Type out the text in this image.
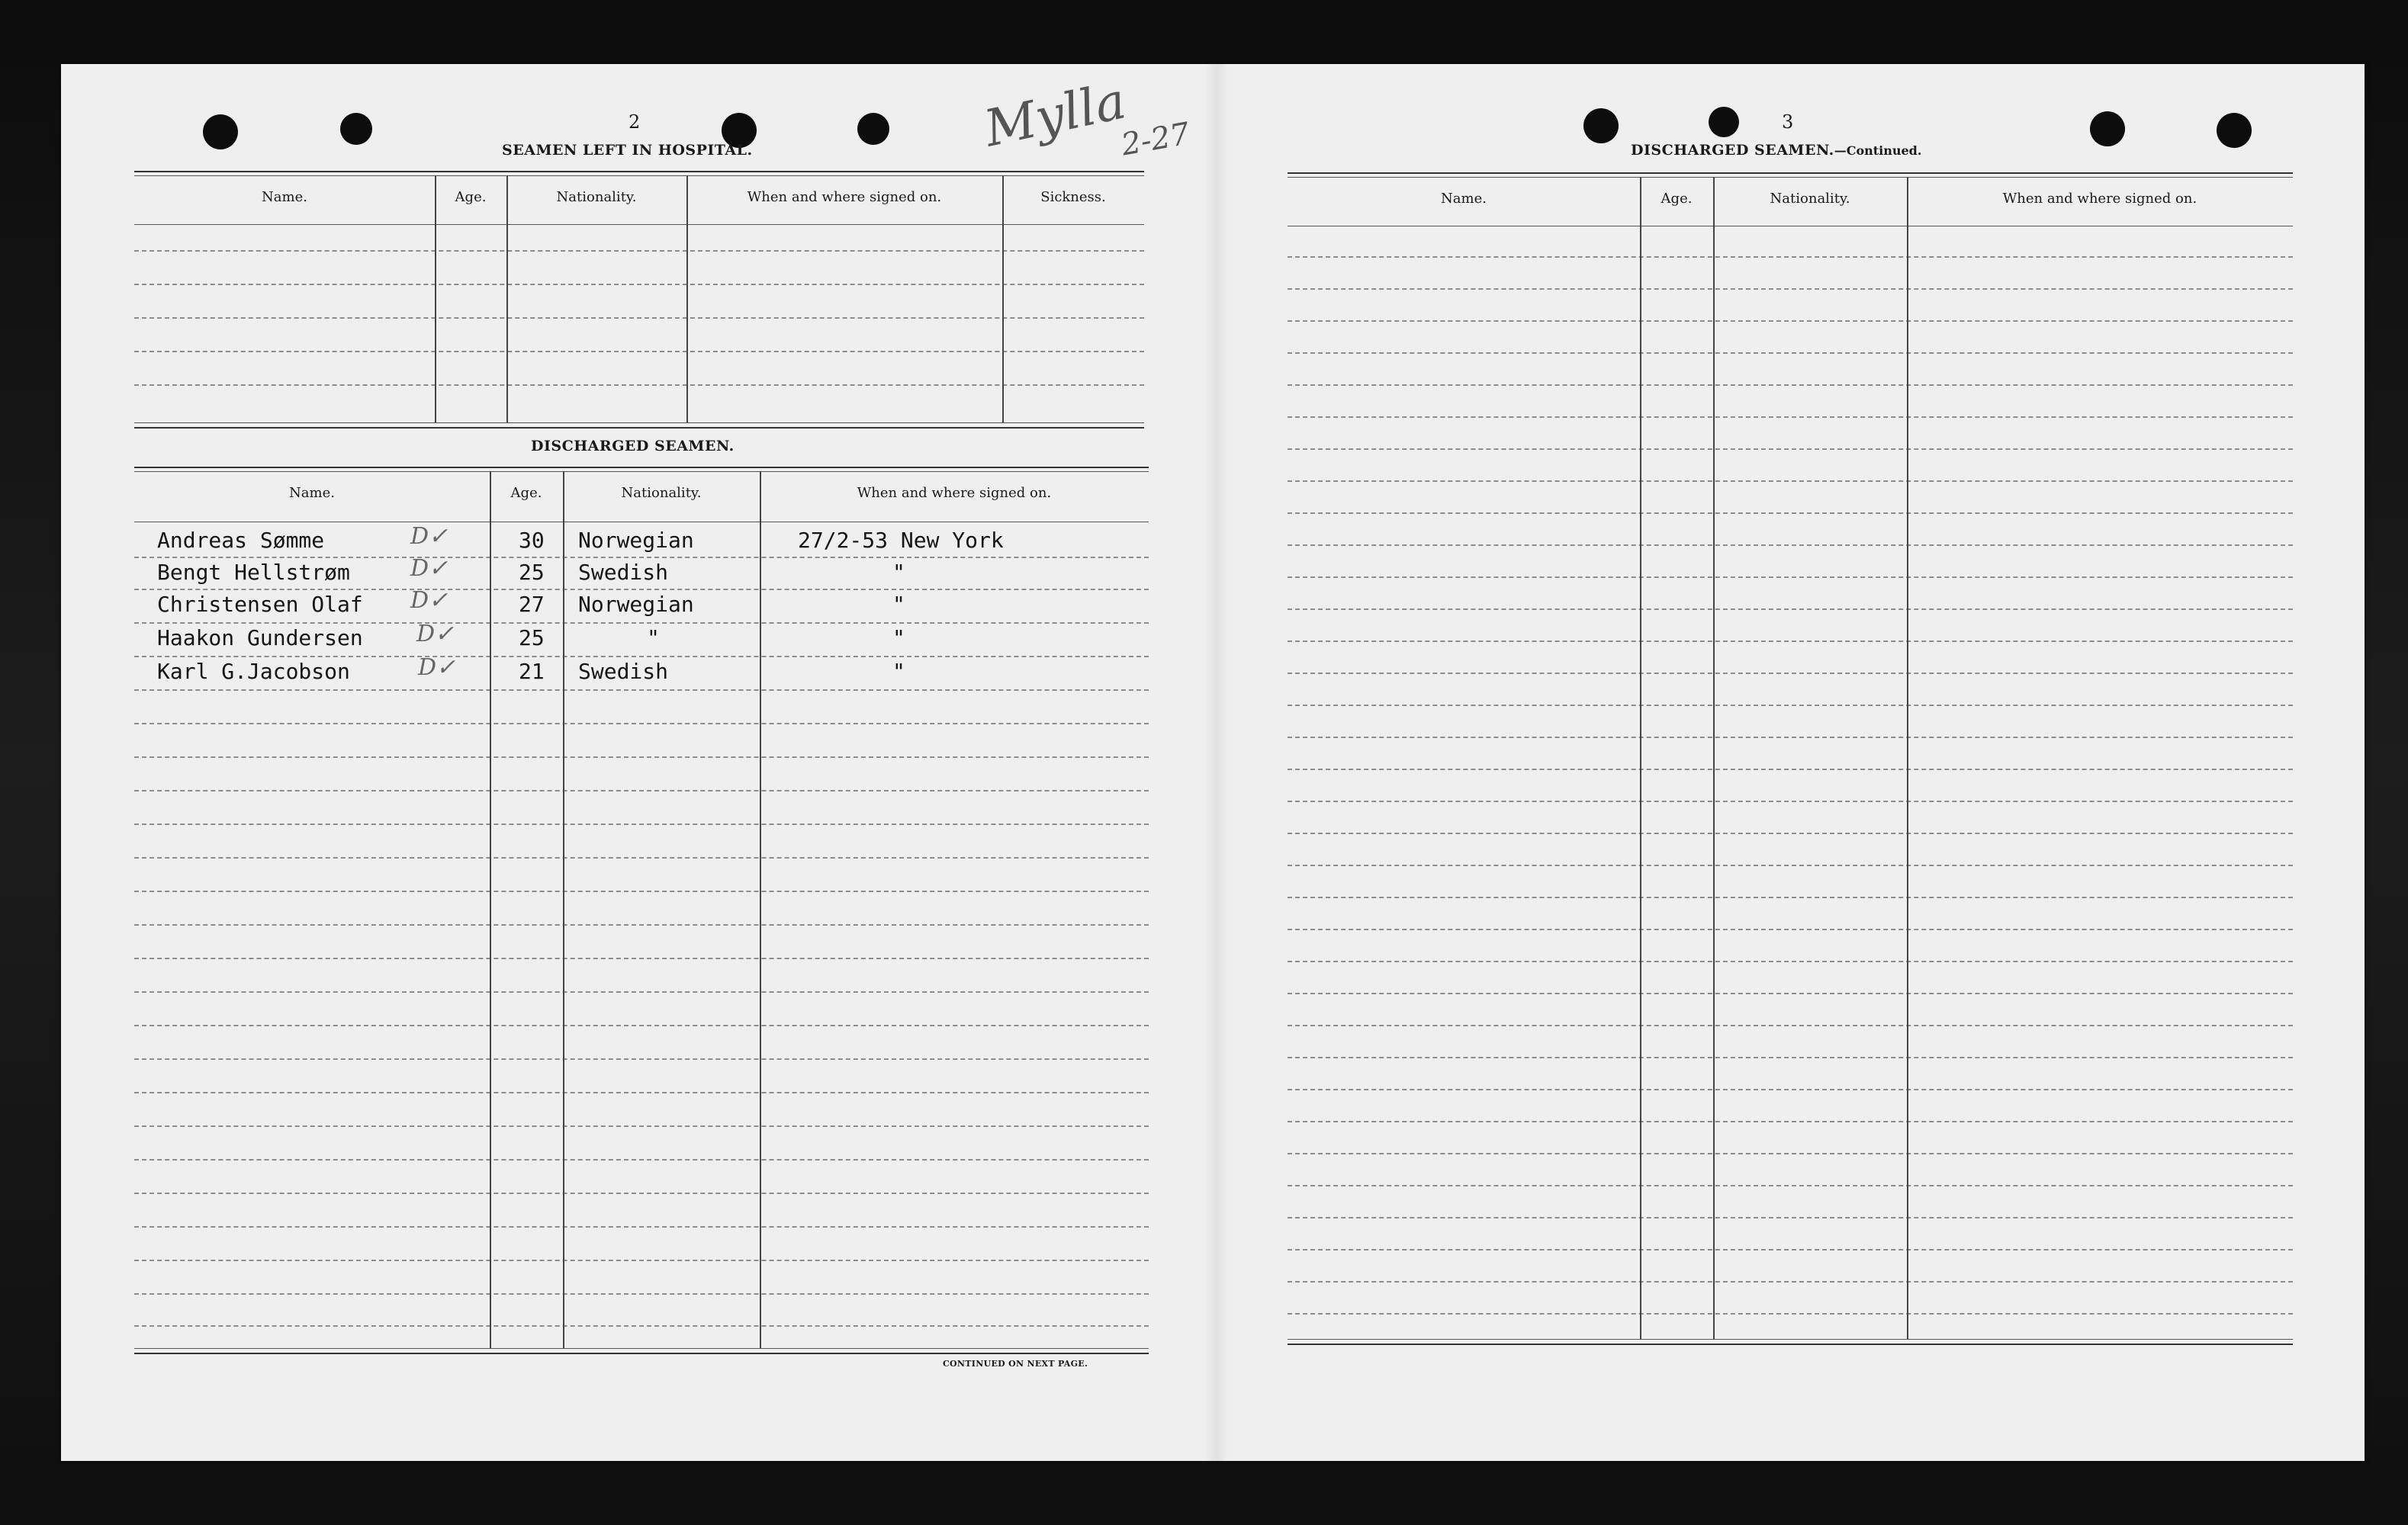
Mylla
2-27
2
SEAMEN LEFT IN HOSPITAL.
Name.	Age.	Nationality.	When and where signed on.	Sickness.
DISCHARGED SEAMEN.
Name.	Age.	Nationality.	When and where signed on.
Andreas Sømme	D✓	30 Norwegian	27/2-53 New York
Bengt Hellstrøm	D✓	25 Swedish	"
Christensen Olaf D✓	27 Norwegian	"
Haakon Gundersen D✓	25	"	"
Karl G.Jacobson	D✓	21 Swedish	"
CONTINUED ON NEXT PAGE.
3
DISCHARGED SEAMEN.—Continued.
Name.	Age.	Nationality.	When and where signed on.
